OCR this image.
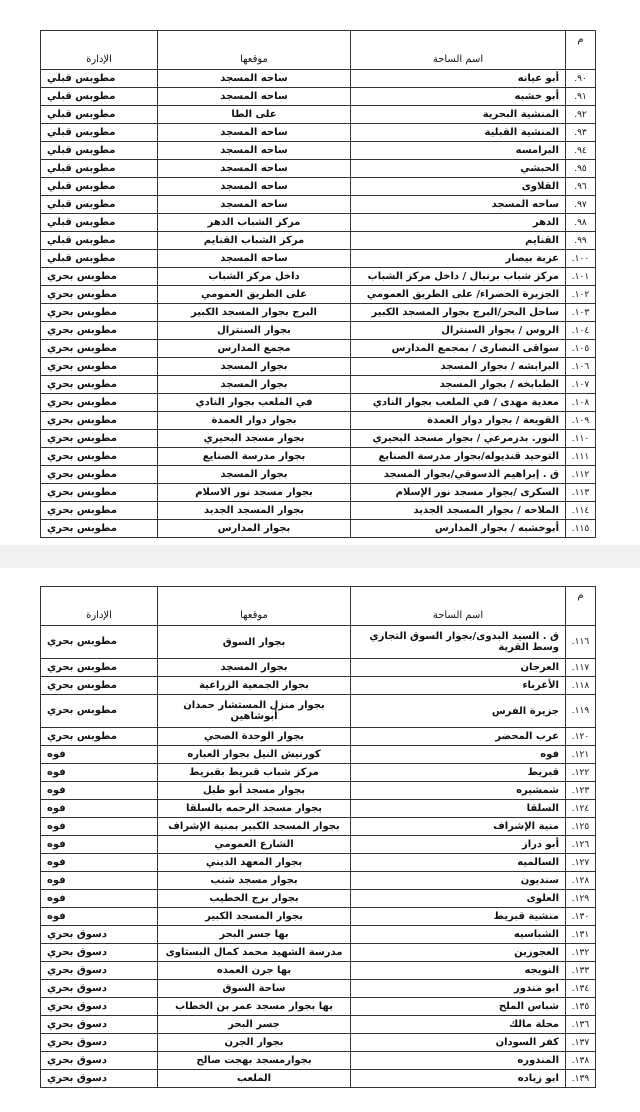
م	اسم الساحة	موقعها	الإدارة
٩٠.	أبو عيانه	ساحه المسجد	مطوبس قبلي
٩١.	أبو خشبه	ساحه المسجد	مطوبس قبلي
٩٢.	المنشية البحرية	على الطا	مطوبس قبلي
٩٣.	المنشية القبلية	ساحه المسجد	مطوبس قبلي
٩٤.	البرامسه	ساحه المسجد	مطوبس قبلي
٩٥.	الحبشي	ساحه المسجد	مطوبس قبلي
٩٦.	القلاوى	ساحه المسجد	مطوبس قبلي
٩٧.	ساحه المسجد	ساحه المسجد	مطوبس قبلي
٩٨.	الدهر	مركز الشباب الدهر	مطوبس قبلي
٩٩.	القنايم	مركز الشباب القنايم	مطوبس قبلي
١٠٠.	عزبة بيصار	ساحه المسجد	مطوبس قبلي
١٠١.	مركز شباب برنبال / داخل مركز الشباب	داخل مركز الشباب	مطوبس بحري
١٠٢.	الجزيرة الخضراء/ على الطريق العمومي	على الطريق العمومي	مطوبس بحري
١٠٣.	ساحل البحر/البرج بجوار المسجد الكبير	البرج بجوار المسجد الكبير	مطوبس بحري
١٠٤.	الروس / بجوار السنترال	بجوار السنترال	مطوبس بحري
١٠٥.	سواقى النصارى / بمجمع المدارس	مجمع المدارس	مطوبس بحري
١٠٦.	البرابشه / بجوار المسجد	بجوار المسجد	مطوبس بحري
١٠٧.	الطبابخه / بجوار المسجد	بجوار المسجد	مطوبس بحري
١٠٨.	معدية مهدى / في الملعب بجوار النادي	في الملعب بجوار النادي	مطوبس بحري
١٠٩.	القويعة / بجوار دوار العمدة	بجوار دوار العمدة	مطوبس بحري
١١٠.	النور. بدرمرعي / بجوار مسجد البحيري	بجوار مسجد البحيري	مطوبس بحري
١١١.	التوحيد قنديوله/بجوار مدرسة الصنايع	بجوار مدرسة الصنايع	مطوبس بحري
١١٢.	ق . إبراهيم الدسوقي/بجوار المسجد	بجوار المسجد	مطوبس بحري
١١٣.	السكرى /بجوار مسجد نور الإسلام	بجوار مسجد نور الاسلام	مطوبس بحري
١١٤.	الملاحه / بجوار المسجد الجديد	بجوار المسجد الجديد	مطوبس بحري
١١٥.	أبوخشبه / بجوار المدارس	بجوار المدارس	مطوبس بحري
م	اسم الساحة	موقعها	الإدارة
١١٦.	ق . السيد البدوى/بجوار السوق التجاري وسط القرية	بجوار السوق	مطوبس بحري
١١٧.	العرجان	بجوار المسجد	مطوبس بحري
١١٨.	الأغرباء	بجوار الجمعية الزراعية	مطوبس بحري
١١٩.	جزيرة الفرس	بجوار منزل المستشار حمدان أبوشاهين	مطوبس بحري
١٢٠.	عرب المحضر	بجوار الوحدة الصحي	مطوبس بحري
١٢١.	فوه	كورنيش النيل بجوار العباره	فوه
١٢٢.	قبريط	مركز شباب قبريط بقبريط	فوه
١٢٣.	شمشيره	بجوار مسجد أبو طبل	فوه
١٢٤.	السلقا	بجوار مسجد الرحمه بالسلقا	فوه
١٢٥.	منية الإشراف	بجوار المسجد الكبير بمنية الإشراف	فوه
١٢٦.	أبو دراز	الشارع العمومي	فوه
١٢٧.	السالميه	بجوار المعهد الديني	فوه
١٢٨.	سنديون	بجوار مسجد شنب	فوه
١٢٩.	العلوى	بجوار برج الخطيب	فوه
١٣٠.	منشية قبريط	بجوار المسجد الكبير	فوه
١٣١.	الشباسيه	بها جسر البحر	دسوق بحري
١٣٢.	العجوزين	مدرسة الشهيد محمد كمال البستاوى	دسوق بحري
١٣٣.	النويجه	بها جرن العمده	دسوق بحري
١٣٤.	ابو مندور	ساحة السوق	دسوق بحري
١٣٥.	شباس الملح	بها بجوار مسجد عمر بن الخطاب	دسوق بحري
١٣٦.	محلة مالك	جسر البحر	دسوق بحري
١٣٧.	كفر السودان	بجوار الجرن	دسوق بحري
١٣٨.	المندوره	بجوارمسجد بهجت صالح	دسوق بحري
١٣٩.	ابو زياده	الملعب	دسوق بحري
